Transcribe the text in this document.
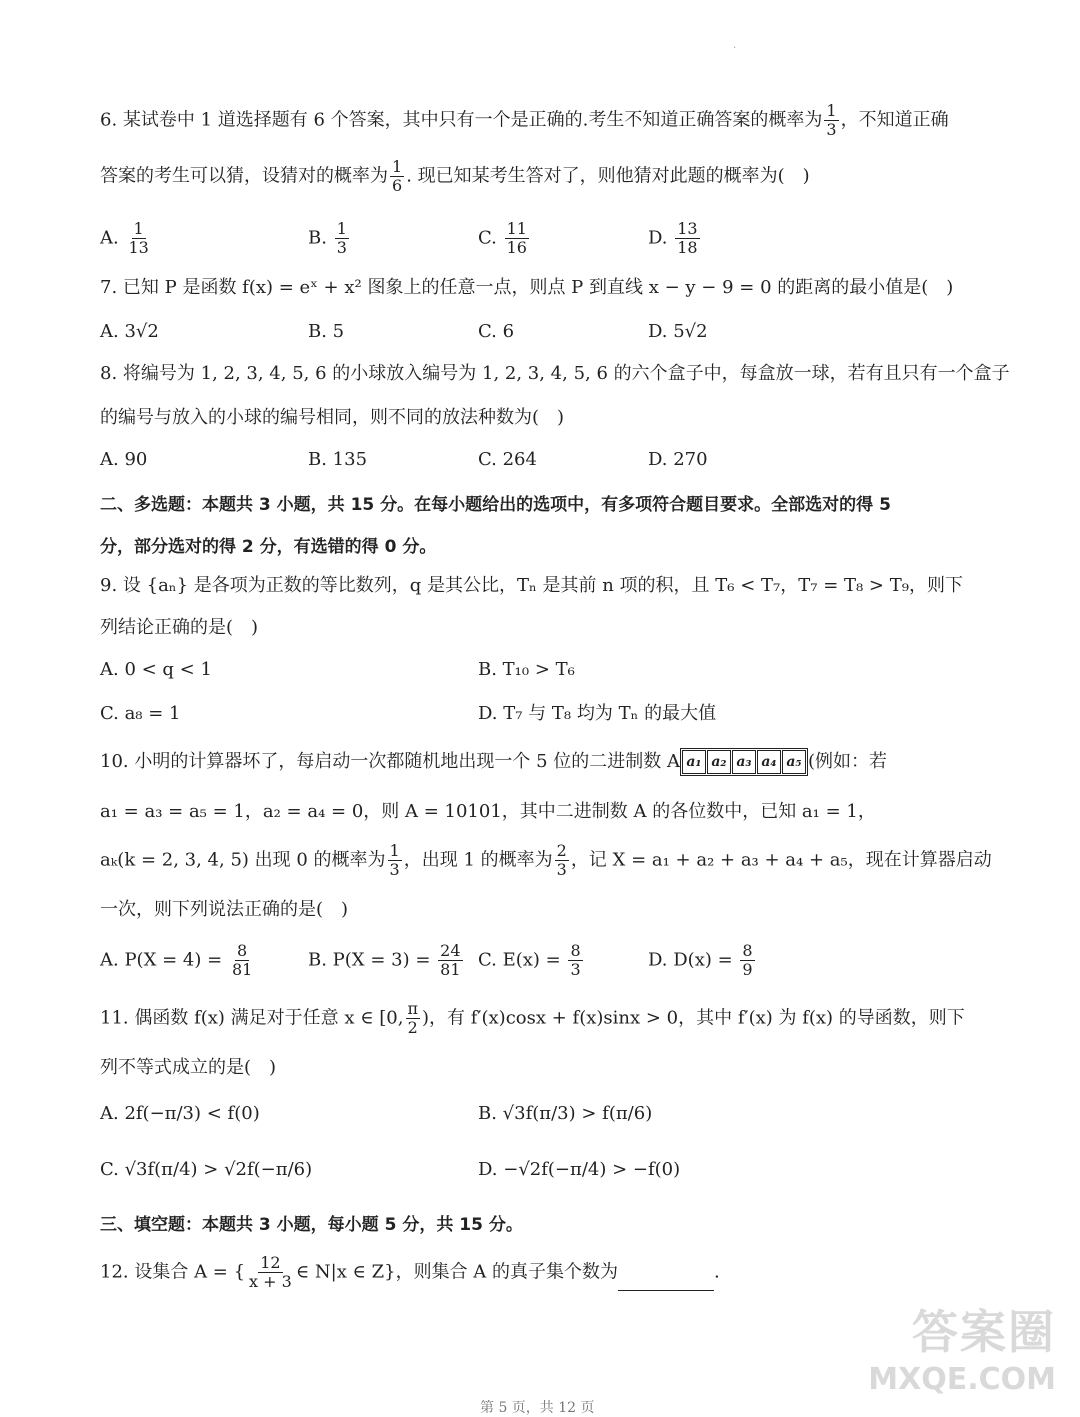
.
6. 某试卷中 1 道选择题有 6 个答案，其中只有一个是正确的.考生不知道正确答案的概率为 $\frac{1}{3}$ ，不知道正确
答案的考生可以猜，设猜对的概率为 $\frac{1}{6}$ . 现已知某考生答对了，则他猜对此题的概率为(　)
A. $\frac{1}{13}$	B. $\frac{1}{3}$	C. $\frac{11}{16}$	D. $\frac{13}{18}$
7. 已知 P 是函数 f(x) = eˣ + x² 图象上的任意一点，则点 P 到直线 x − y − 9 = 0 的距离的最小值是(　)
A. 3√2	B. 5	C. 6	D. 5√2
8. 将编号为 1, 2, 3, 4, 5, 6 的小球放入编号为 1, 2, 3, 4, 5, 6 的六个盒子中，每盒放一球，若有且只有一个盒子
的编号与放入的小球的编号相同，则不同的放法种数为(　)
A. 90	B. 135	C. 264	D. 270
二、多选题：本题共 3 小题，共 15 分。在每小题给出的选项中，有多项符合题目要求。全部选对的得 5
分，部分选对的得 2 分，有选错的得 0 分。
9. 设 {aₙ} 是各项为正数的等比数列，q 是其公比，Tₙ 是其前 n 项的积，且 T₆ < T₇，T₇ = T₈ > T₉，则下
列结论正确的是(　)
A. 0 < q < 1	B. T₁₀ > T₆
C. a₈ = 1	D. T₇ 与 T₈ 均为 Tₙ 的最大值
10. 小明的计算器坏了，每启动一次都随机地出现一个 5 位的二进制数 A a₁ a₂ a₃ a₄ a₅ (例如：若
a₁ = a₃ = a₅ = 1，a₂ = a₄ = 0，则 A = 10101，其中二进制数 A 的各位数中，已知 a₁ = 1，
aₖ(k = 2, 3, 4, 5) 出现 0 的概率为 $\frac{1}{3}$ ，出现 1 的概率为 $\frac{2}{3}$ ，记 X = a₁ + a₂ + a₃ + a₄ + a₅，现在计算器启动
一次，则下列说法正确的是(　)
A. $P(X = 4) = \frac{8}{81}$	B. $P(X = 3) = \frac{24}{81} C$. $E(x) = \frac{8}{3}$	D. $D(x) = \frac{8}{9}$
11. 偶函数 f(x) 满足对于任意 x ∈ [0, $\frac{\pi}{2}$ )，有 f′(x)cosx + f(x)sinx > 0，其中 f′(x) 为 f(x) 的导函数，则下
列不等式成立的是(　)
A. 2f(−π/3) < f(0)	B. √3f(π/3) > f(π/6)
C. √3f(π/4) > √2f(−π/6)	D. −√2f(−π/4) > −f(0)
三、填空题：本题共 3 小题，每小题 5 分，共 15 分。
12. 设集合 A = { $\frac{12}{x + 3}$ ∈ N|x ∈ Z}，则集合 A 的真子集个数为	.
答案圈
MXQE.COM
第 5 页，共 12 页
